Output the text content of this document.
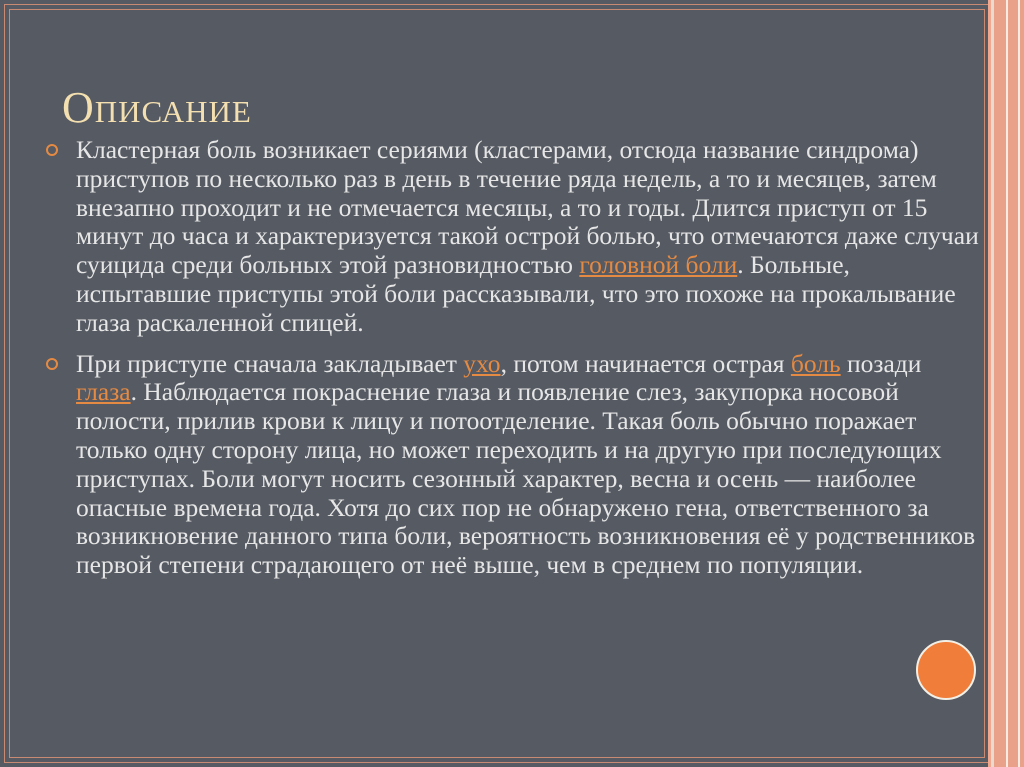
Описание
Кластерная боль возникает сериями (кластерами, отсюда название синдрома) приступов по несколько раз в день в течение ряда недель, а то и месяцев, затем внезапно проходит и не отмечается месяцы, а то и годы. Длится приступ от 15 минут до часа и характеризуется такой острой болью, что отмечаются даже случаи суицида среди больных этой разновидностью головной боли. Больные, испытавшие приступы этой боли рассказывали, что это похоже на прокалывание глаза раскаленной спицей.
При приступе сначала закладывает ухо, потом начинается острая боль позади глаза. Наблюдается покраснение глаза и появление слез, закупорка носовой полости, прилив крови к лицу и потоотделение. Такая боль обычно поражает только одну сторону лица, но может переходить и на другую при последующих приступах. Боли могут носить сезонный характер, весна и осень — наиболее опасные времена года. Хотя до сих пор не обнаружено гена, ответственного за возникновение данного типа боли, вероятность возникновения её у родственников первой степени страдающего от неё выше, чем в среднем по популяции.
